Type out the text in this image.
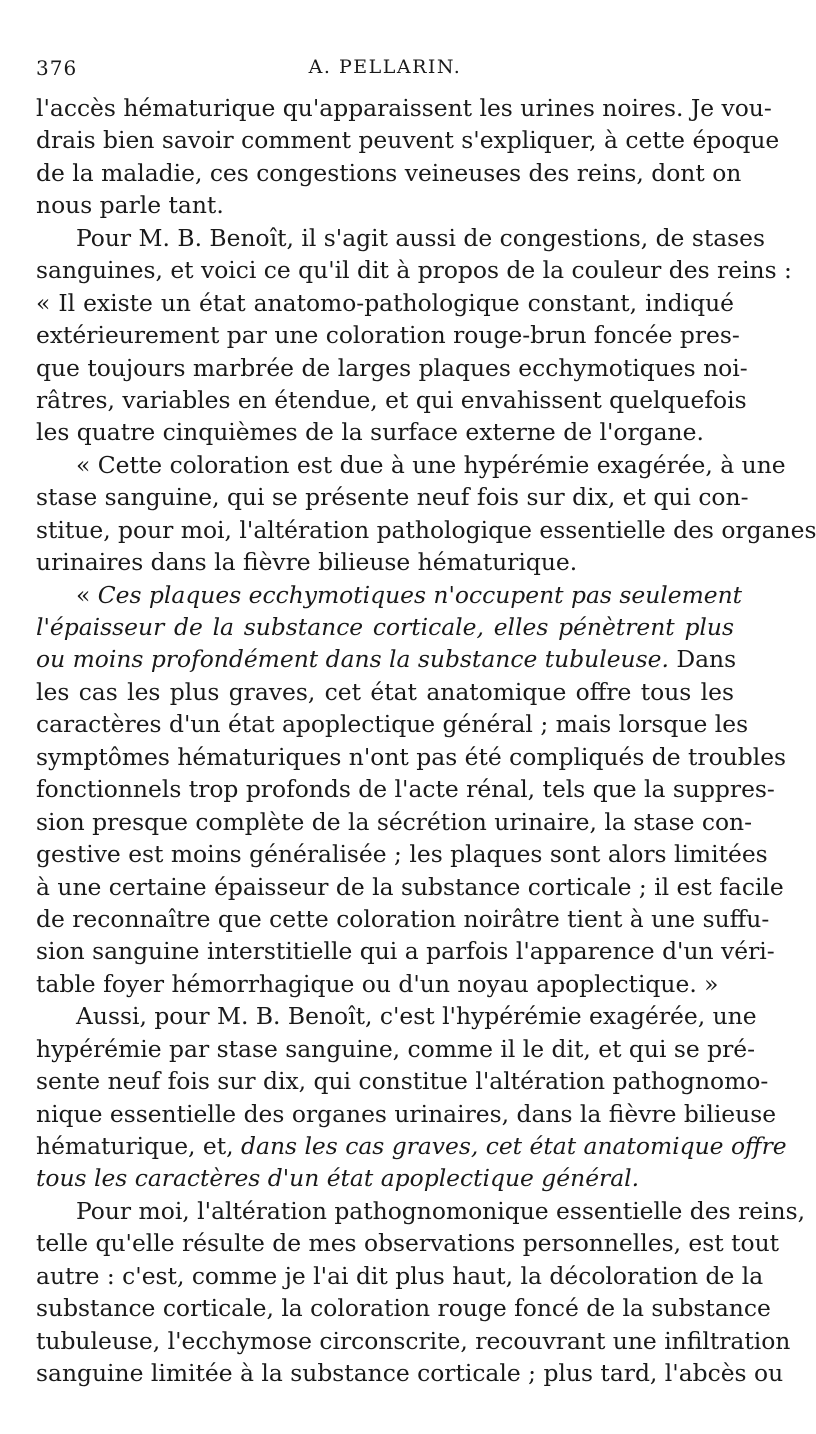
376	A. PELLARIN.
l'accès hématurique qu'apparaissent les urines noires. Je vou-
drais bien savoir comment peuvent s'expliquer, à cette époque
de la maladie, ces congestions veineuses des reins, dont on
nous parle tant.
Pour M. B. Benoît, il s'agit aussi de congestions, de stases
sanguines, et voici ce qu'il dit à propos de la couleur des reins :
« Il existe un état anatomo-pathologique constant, indiqué
extérieurement par une coloration rouge-brun foncée pres-
que toujours marbrée de larges plaques ecchymotiques noi-
râtres, variables en étendue, et qui envahissent quelquefois
les quatre cinquièmes de la surface externe de l'organe.
« Cette coloration est due à une hypérémie exagérée, à une
stase sanguine, qui se présente neuf fois sur dix, et qui con-
stitue, pour moi, l'altération pathologique essentielle des organes
urinaires dans la fièvre bilieuse hématurique.
« Ces plaques ecchymotiques n'occupent pas seulement
l'épaisseur de la substance corticale, elles pénètrent plus
ou moins profondément dans la substance tubuleuse. Dans
les cas les plus graves, cet état anatomique offre tous les
caractères d'un état apoplectique général ; mais lorsque les
symptômes hématuriques n'ont pas été compliqués de troubles
fonctionnels trop profonds de l'acte rénal, tels que la suppres-
sion presque complète de la sécrétion urinaire, la stase con-
gestive est moins généralisée ; les plaques sont alors limitées
à une certaine épaisseur de la substance corticale ; il est facile
de reconnaître que cette coloration noirâtre tient à une suffu-
sion sanguine interstitielle qui a parfois l'apparence d'un véri-
table foyer hémorrhagique ou d'un noyau apoplectique. »
Aussi, pour M. B. Benoît, c'est l'hypérémie exagérée, une
hypérémie par stase sanguine, comme il le dit, et qui se pré-
sente neuf fois sur dix, qui constitue l'altération pathognomo-
nique essentielle des organes urinaires, dans la fièvre bilieuse
hématurique, et, dans les cas graves, cet état anatomique offre
tous les caractères d'un état apoplectique général.
Pour moi, l'altération pathognomonique essentielle des reins,
telle qu'elle résulte de mes observations personnelles, est tout
autre : c'est, comme je l'ai dit plus haut, la décoloration de la
substance corticale, la coloration rouge foncé de la substance
tubuleuse, l'ecchymose circonscrite, recouvrant une infiltration
sanguine limitée à la substance corticale ; plus tard, l'abcès ou
